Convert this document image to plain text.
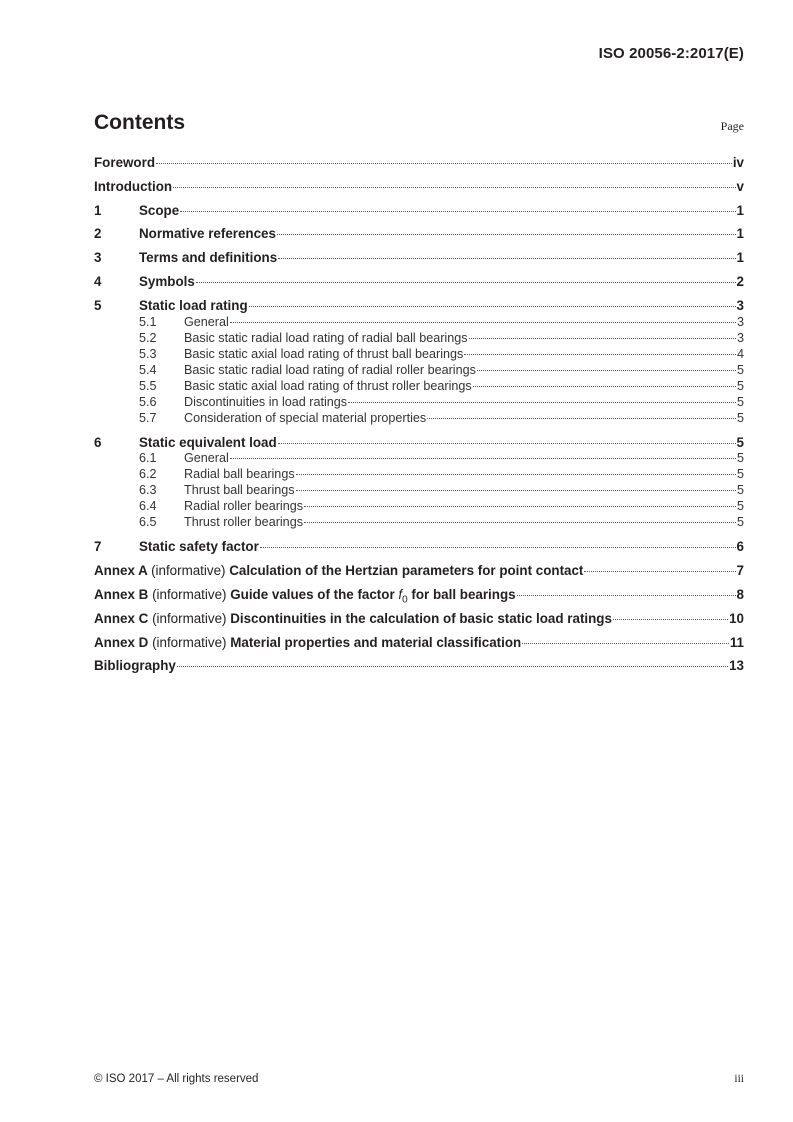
ISO 20056-2:2017(E)
Contents	Page
Foreword	iv
Introduction	v
1	Scope	1
2	Normative references	1
3	Terms and definitions	1
4	Symbols	2
5	Static load rating	3
5.1	General	3
5.2	Basic static radial load rating of radial ball bearings	3
5.3	Basic static axial load rating of thrust ball bearings	4
5.4	Basic static radial load rating of radial roller bearings	5
5.5	Basic static axial load rating of thrust roller bearings	5
5.6	Discontinuities in load ratings	5
5.7	Consideration of special material properties	5
6	Static equivalent load	5
6.1	General	5
6.2	Radial ball bearings	5
6.3	Thrust ball bearings	5
6.4	Radial roller bearings	5
6.5	Thrust roller bearings	5
7	Static safety factor	6
Annex A (informative) Calculation of the Hertzian parameters for point contact	7
Annex B (informative) Guide values of the factor $f_0$ for ball bearings	8
Annex C (informative) Discontinuities in the calculation of basic static load ratings	10
Annex D (informative) Material properties and material classification	11
Bibliography	13
© ISO 2017 – All rights reserved	iii
